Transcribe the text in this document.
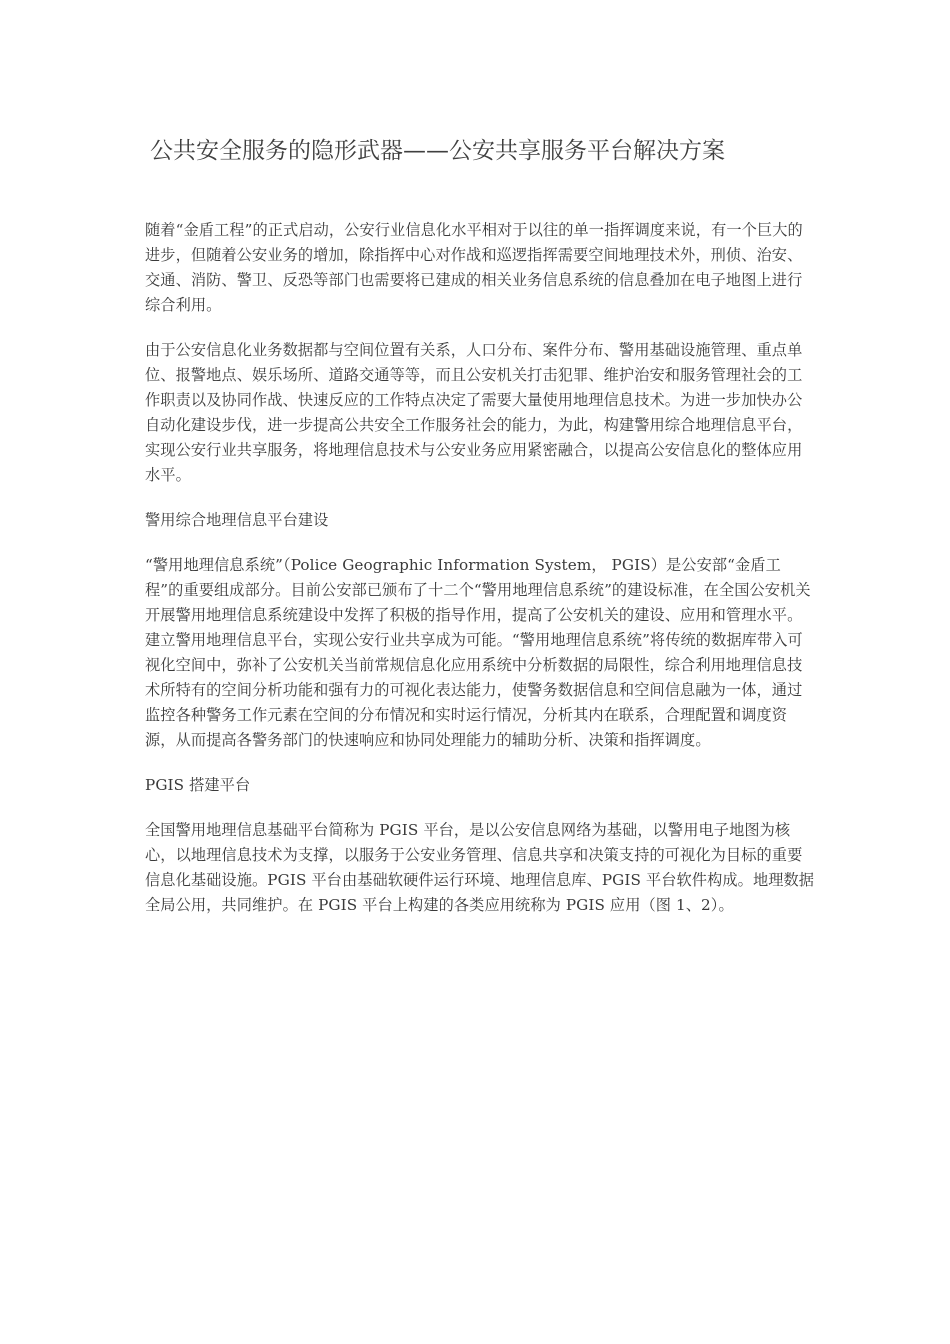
公共安全服务的隐形武器——公安共享服务平台解决方案

随着“金盾工程”的正式启动，公安行业信息化水平相对于以往的单一指挥调度来说，有一个巨大的进步，但随着公安业务的增加，除指挥中心对作战和巡逻指挥需要空间地理技术外，刑侦、治安、交通、消防、警卫、反恐等部门也需要将已建成的相关业务信息系统的信息叠加在电子地图上进行综合利用。

由于公安信息化业务数据都与空间位置有关系，人口分布、案件分布、警用基础设施管理、重点单位、报警地点、娱乐场所、道路交通等等，而且公安机关打击犯罪、维护治安和服务管理社会的工作职责以及协同作战、快速反应的工作特点决定了需要大量使用地理信息技术。为进一步加快办公自动化建设步伐，进一步提高公共安全工作服务社会的能力，为此，构建警用综合地理信息平台，实现公安行业共享服务，将地理信息技术与公安业务应用紧密融合，以提高公安信息化的整体应用水平。

警用综合地理信息平台建设

“警用地理信息系统”（Police Geographic Information System， PGIS）是公安部“金盾工程”的重要组成部分。目前公安部已颁布了十二个“警用地理信息系统”的建设标准，在全国公安机关开展警用地理信息系统建设中发挥了积极的指导作用，提高了公安机关的建设、应用和管理水平。建立警用地理信息平台，实现公安行业共享成为可能。“警用地理信息系统”将传统的数据库带入可视化空间中，弥补了公安机关当前常规信息化应用系统中分析数据的局限性，综合利用地理信息技术所特有的空间分析功能和强有力的可视化表达能力，使警务数据信息和空间信息融为一体，通过监控各种警务工作元素在空间的分布情况和实时运行情况，分析其内在联系，合理配置和调度资源，从而提高各警务部门的快速响应和协同处理能力的辅助分析、决策和指挥调度。

PGIS 搭建平台

全国警用地理信息基础平台简称为 PGIS 平台，是以公安信息网络为基础，以警用电子地图为核心，以地理信息技术为支撑，以服务于公安业务管理、信息共享和决策支持的可视化为目标的重要信息化基础设施。PGIS 平台由基础软硬件运行环境、地理信息库、PGIS 平台软件构成。地理数据全局公用，共同维护。在 PGIS 平台上构建的各类应用统称为 PGIS 应用（图 1、2）。
